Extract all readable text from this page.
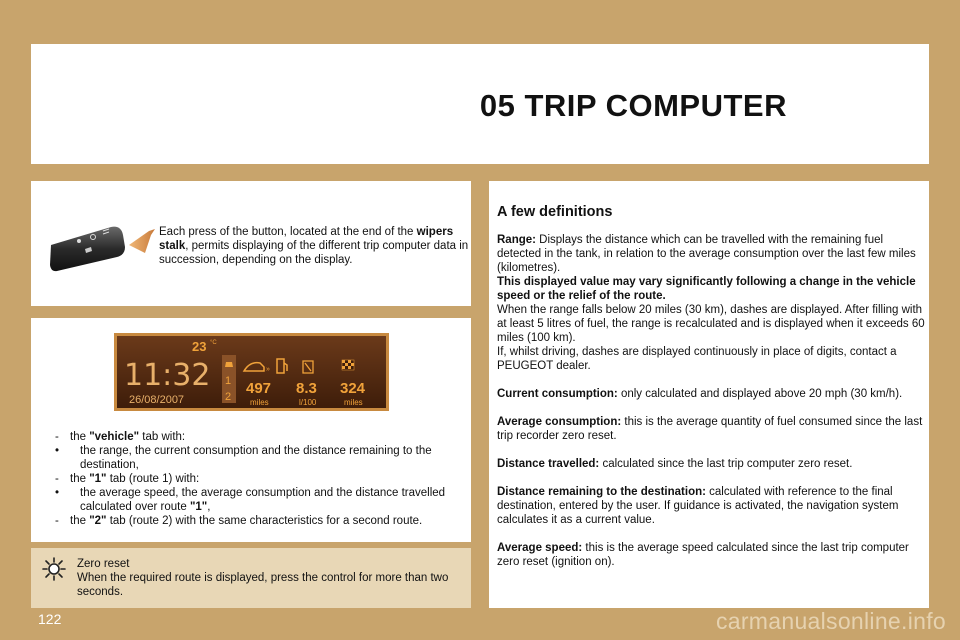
05 TRIP COMPUTER
Each press of the button, located at the end of the wipers stalk, permits displaying of the different trip computer data in succession, depending on the display.
23 °C
11:32
26/08/2007
1
2
»
497
miles
8.3
l/100
324
miles
- the "vehicle" tab with:
• the range, the current consumption and the distance remaining to the destination,
- the "1" tab (route 1) with:
• the average speed, the average consumption and the distance travelled calculated over route "1",
- the "2" tab (route 2) with the same characteristics for a second route.
Zero reset
When the required route is displayed, press the control for more than two seconds.
A few definitions

Range: Displays the distance which can be travelled with the remaining fuel detected in the tank, in relation to the average consumption over the last few miles (kilometres).
This displayed value may vary significantly following a change in the vehicle speed or the relief of the route.
When the range falls below 20 miles (30 km), dashes are displayed. After filling with at least 5 litres of fuel, the range is recalculated and is displayed when it exceeds 60 miles (100 km).
If, whilst driving, dashes are displayed continuously in place of digits, contact a PEUGEOT dealer.

Current consumption: only calculated and displayed above 20 mph (30 km/h).

Average consumption: this is the average quantity of fuel consumed since the last trip recorder zero reset.

Distance travelled: calculated since the last trip computer zero reset.

Distance remaining to the destination: calculated with reference to the final destination, entered by the user. If guidance is activated, the navigation system calculates it as a current value.

Average speed: this is the average speed calculated since the last trip computer zero reset (ignition on).

122	carmanualsonline.info
